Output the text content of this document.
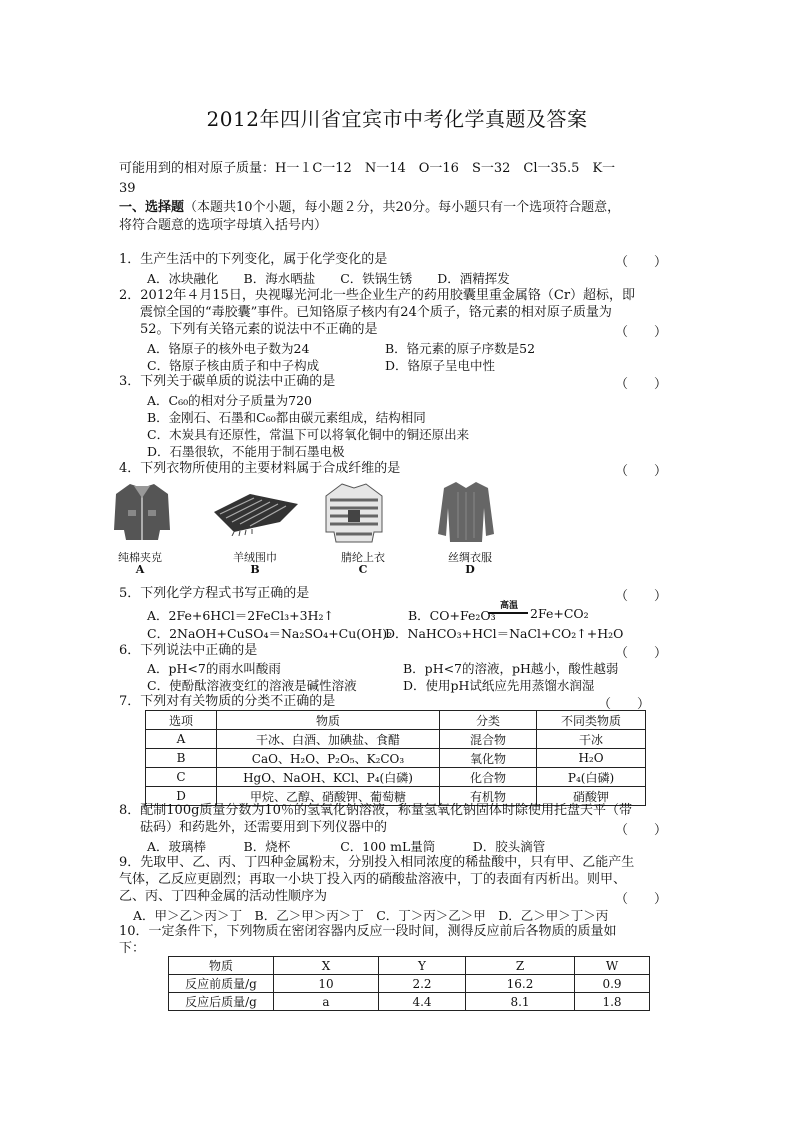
2012年四川省宜宾市中考化学真题及答案
可能用到的相对原子质量：H一１C一12　N一14　O一16　S一32　Cl一35.5　K一
39
一、选择题（本题共10个小题，每小题２分，共20分。每小题只有一个选项符合题意，
将符合题意的选项字母填入括号内）
1．生产生活中的下列变化，属于化学变化的是	（　　）
A．冰块融化　　B．海水晒盐　　C．铁锅生锈　　D．酒精挥发
2．2012年４月15日，央视曝光河北一些企业生产的药用胶囊里重金属铬（Cr）超标，即
震惊全国的“毒胶囊”事件。已知铬原子核内有24个质子，铬元素的相对原子质量为
52。下列有关铬元素的说法中不正确的是	（　　）
A．铬原子的核外电子数为24	B．铬元素的原子序数是52
C．铬原子核由质子和中子构成	D．铬原子呈电中性
3．下列关于碳单质的说法中正确的是	（　　）
A．C₆₀的相对分子质量为720
B．金刚石、石墨和C₆₀都由碳元素组成，结构相同
C．木炭具有还原性，常温下可以将氧化铜中的铜还原出来
D．石墨很软，不能用于制石墨电极
4．下列衣物所使用的主要材料属于合成纤维的是	（　　）
纯棉夹克
A
羊绒围巾
B
腈纶上衣
C
丝绸衣服
D
5．下列化学方程式书写正确的是	（　　）
A．2Fe+6HCl＝2FeCl₃+3H₂↑	B．CO+Fe₂O₃
高温 2Fe+CO₂
C．2NaOH+CuSO₄＝Na₂SO₄+Cu(OH)₂
D．NaHCO₃+HCl＝NaCl+CO₂↑+H₂O
6．下列说法中正确的是	（　　）
A．pH<7的雨水叫酸雨	B．pH<7的溶液，pH越小，酸性越弱
C．使酚酞溶液变红的溶液是碱性溶液	D．使用pH试纸应先用蒸馏水润湿
7．下列对有关物质的分类不正确的是	（　　）
选项	物质	分类	不同类物质
A	干冰、白酒、加碘盐、食醋	混合物	干冰
B	CaO、H₂O、P₂O₅、K₂CO₃	氧化物	H₂O
C	HgO、NaOH、KCl、P₄(白磷)	化合物	P₄(白磷)
D	甲烷、乙醇、硝酸钾、葡萄糖	有机物	硝酸钾
8．配制100g质量分数为10％的氢氧化钠溶液，称量氢氧化钠固体时除使用托盘天平（带
砝码）和药匙外，还需要用到下列仪器中的	（　　）
A．玻璃棒　　　B．烧杯　　　　C．100 mL量筒　　　D．胶头滴管
9．先取甲、乙、丙、丁四种金属粉末，分别投入相同浓度的稀盐酸中，只有甲、乙能产生
气体，乙反应更剧烈；再取一小块丁投入丙的硝酸盐溶液中，丁的表面有丙析出。则甲、
乙、丙、丁四种金属的活动性顺序为	（　　）
A．甲＞乙＞丙＞丁　B．乙＞甲＞丙＞丁　C．丁＞丙＞乙＞甲　D．乙＞甲＞丁＞丙
10．一定条件下，下列物质在密闭容器内反应一段时间，测得反应前后各物质的质量如
下：
物质	X	Y	Z	W
反应前质量/g	10	2.2	16.2	0.9
反应后质量/g	a	4.4	8.1	1.8
